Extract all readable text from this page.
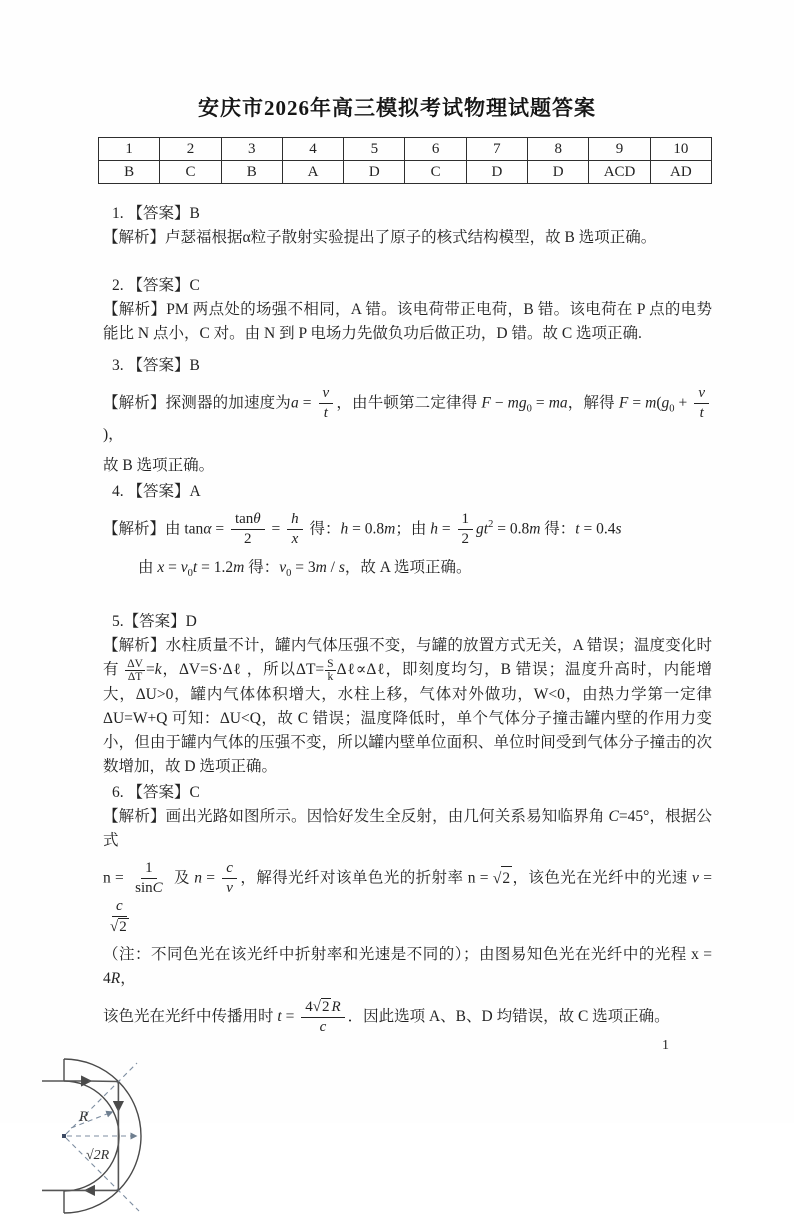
安庆市2026年高三模拟考试物理试题答案
1	2	3	4	5	6	7	8	9	10
B	C	B	A	D	C	D	D	ACD	AD

1. 【答案】B

【解析】卢瑟福根据α粒子散射实验提出了原子的核式结构模型，故 B 选项正确。

2. 【答案】C

【解析】PM 两点处的场强不相同，A 错。该电荷带正电荷，B 错。该电荷在 P 点的电势能比 N 点小，C 对。由 N 到 P 电场力先做负功后做正功，D 错。故 C 选项正确.

3. 【答案】B

【解析】探测器的加速度为$a = \frac{v}{t}$ ，由牛顿第二定律得 $F - mg_0$ = ma，解得 $F = m(g_0 + \frac{v}{t}$
)，

故 B 选项正确。

4. 【答案】A

【解析】由 $\tan\alpha = \frac{\tan\theta}{2} = \frac{h}{x}$ 得：h = 0.8m；由 $h = \frac{1}{2} gt^2 = 0.8m$ 得：t = 0.4s

由 $x = v_0t = 1.2m$ 得：$v_0 = 3m / s$，故 A 选项正确。

5.【答案】D

【解析】水柱质量不计，罐内气体压强不变，与罐的放置方式无关，A 错误；温度变化时有 $\frac{\Delta V}{\Delta T} =k$，ΔV=S·Δℓ ，所以$\Delta T= \frac{S}{k}$ Δℓ∝Δℓ，即刻度均匀，B 错误；温度升高时，内能增大，ΔU>0，罐内气体体积增大，水柱上移，气体对外做功，W<0，由热力学第一定律ΔU=W+Q 可知：ΔU<Q，故 C 错误；温度降低时，单个气体分子撞击罐内壁的作用力变小，但由于罐内气体的压强不变，所以罐内壁单位面积、单位时间受到气体分子撞击的次数增加，故 D 选项正确。

6. 【答案】C

【解析】画出光路如图所示。因恰好发生全反射，由几何关系易知临界角 C=45°，根据公式

$n = \frac{1}{\sin C}$ 及 $n = \frac{c}{v}$ ，解得光纤对该单色光的折射率 n = √ 2 ，该色光在光纤中的光速 v =
$\frac{c}{√ 2}$

（注：不同色光在该光纤中折射率和光速是不同的）；由图易知色光在光纤中的光程 x = 4R，

该色光在光纤中传播用时 $t = \frac{4 √ 2 R}{c}$ ．因此选项 A、B、D 均错误，故 C 选项正确。

R
√2R
1
